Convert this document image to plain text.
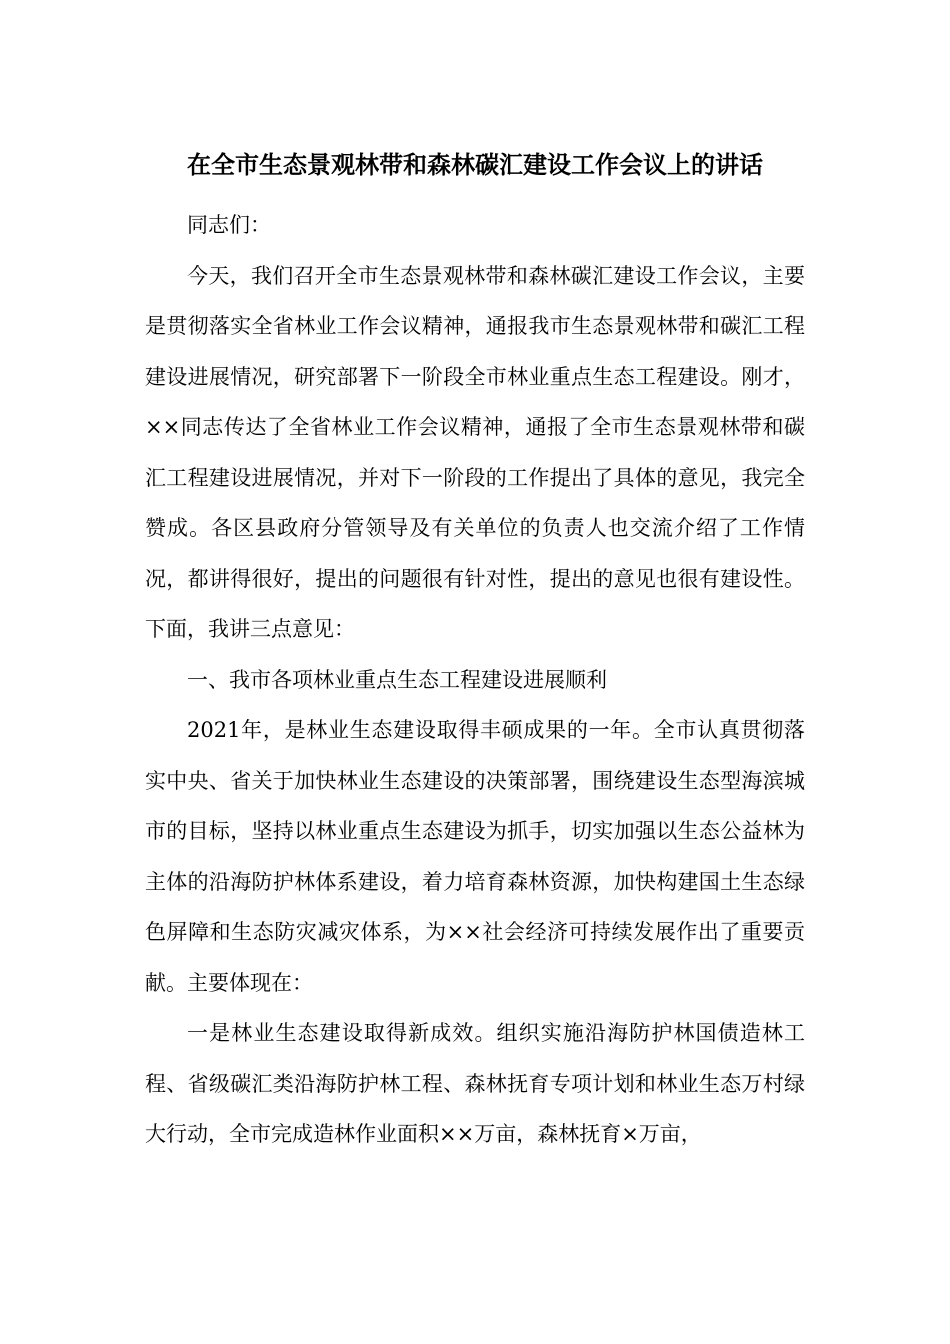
在全市生态景观林带和森林碳汇建设工作会议上的讲话

同志们：

今天，我们召开全市生态景观林带和森林碳汇建设工作会议，主要是贯彻落实全省林业工作会议精神，通报我市生态景观林带和碳汇工程建设进展情况，研究部署下一阶段全市林业重点生态工程建设。刚才，××同志传达了全省林业工作会议精神，通报了全市生态景观林带和碳汇工程建设进展情况，并对下一阶段的工作提出了具体的意见，我完全赞成。各区县政府分管领导及有关单位的负责人也交流介绍了工作情况，都讲得很好，提出的问题很有针对性，提出的意见也很有建设性。下面，我讲三点意见：

一、我市各项林业重点生态工程建设进展顺利

2021年，是林业生态建设取得丰硕成果的一年。全市认真贯彻落实中央、省关于加快林业生态建设的决策部署，围绕建设生态型海滨城市的目标，坚持以林业重点生态建设为抓手，切实加强以生态公益林为主体的沿海防护林体系建设，着力培育森林资源，加快构建国土生态绿色屏障和生态防灾减灾体系，为××社会经济可持续发展作出了重要贡献。主要体现在：

一是林业生态建设取得新成效。组织实施沿海防护林国债造林工程、省级碳汇类沿海防护林工程、森林抚育专项计划和林业生态万村绿大行动，全市完成造林作业面积××万亩，森林抚育×万亩，
